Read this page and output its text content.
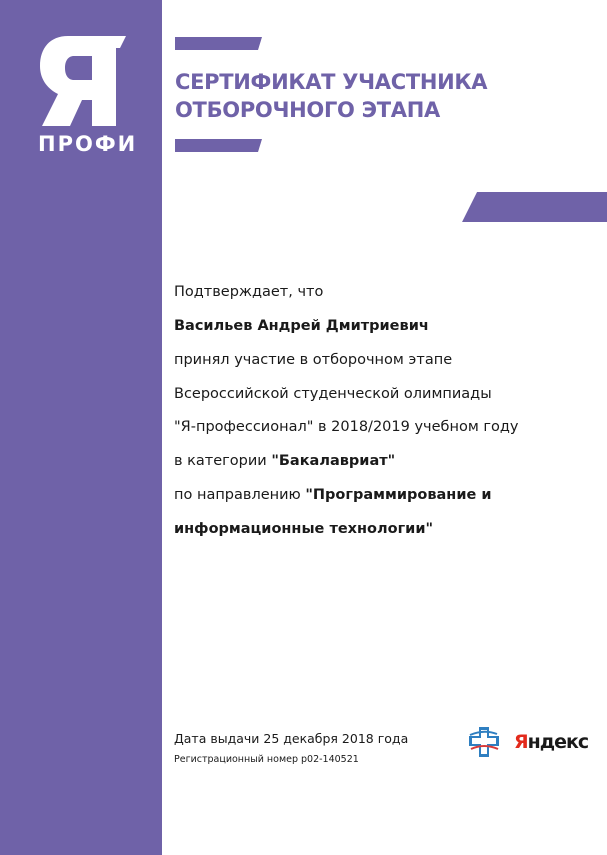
ПРОФИ
СЕРТИФИКАТ УЧАСТНИКА
ОТБОРОЧНОГО ЭТАПА
Подтверждает, что
Васильев Андрей Дмитриевич
принял участие в отборочном этапе
Всероссийской студенческой олимпиады
"Я-профессионал" в 2018/2019 учебном году
в категории "Бакалавриат"
по направлению "Программирование и
информационные технологии"
Дата выдачи 25 декабря 2018 года
Регистрационный номер р02-140521
Яндекс
